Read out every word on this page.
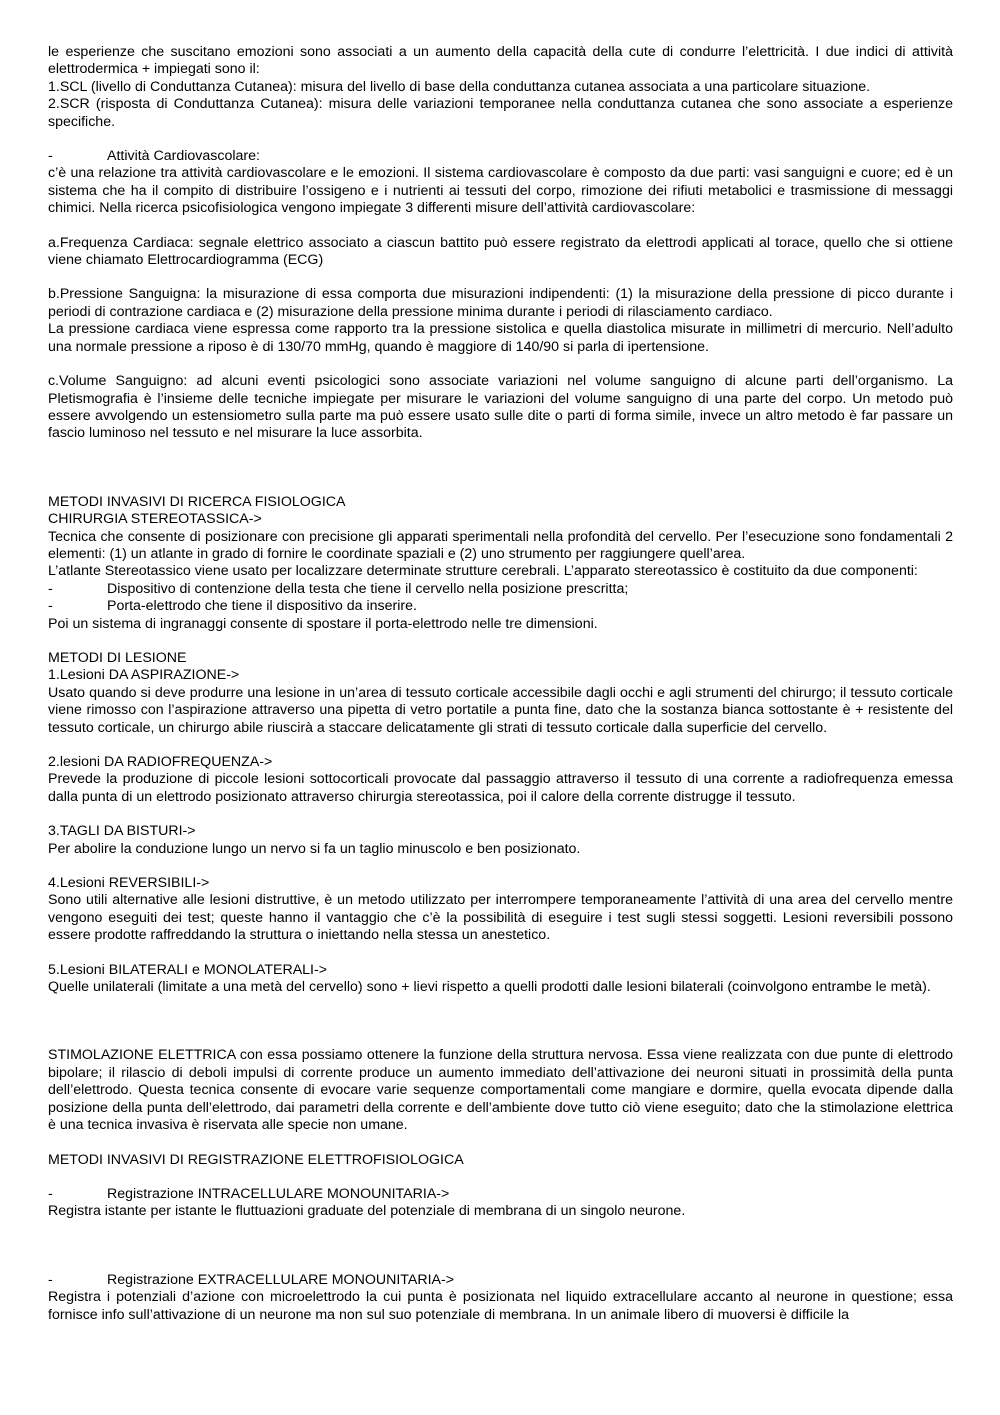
le esperienze che suscitano emozioni sono associati a un aumento della capacità della cute di condurre l’elettricità. I due indici di attività elettrodermica + impiegati sono il:

1.SCL (livello di Conduttanza Cutanea): misura del livello di base della conduttanza cutanea associata a una particolare situazione.

2.SCR (risposta di Conduttanza Cutanea): misura delle variazioni temporanee nella conduttanza cutanea che sono associate a esperienze specifiche.

-	Attività Cardiovascolare:

c’è una relazione tra attività cardiovascolare e le emozioni. Il sistema cardiovascolare è composto da due parti: vasi sanguigni e cuore; ed è un sistema che ha il compito di distribuire l’ossigeno e i nutrienti ai tessuti del corpo, rimozione dei rifiuti metabolici e trasmissione di messaggi chimici. Nella ricerca psicofisiologica vengono impiegate 3 differenti misure dell’attività cardiovascolare:

a.Frequenza Cardiaca: segnale elettrico associato a ciascun battito può essere registrato da elettrodi applicati al torace, quello che si ottiene viene chiamato Elettrocardiogramma (ECG)

b.Pressione Sanguigna: la misurazione di essa comporta due misurazioni indipendenti: (1) la misurazione della pressione di picco durante i periodi di contrazione cardiaca e (2) misurazione della pressione minima durante i periodi di rilasciamento cardiaco.

La pressione cardiaca viene espressa come rapporto tra la pressione sistolica e quella diastolica misurate in millimetri di mercurio. Nell’adulto una normale pressione a riposo è di 130/70 mmHg, quando è maggiore di 140/90 si parla di ipertensione.

c.Volume Sanguigno: ad alcuni eventi psicologici sono associate variazioni nel volume sanguigno di alcune parti dell’organismo. La Pletismografia è l’insieme delle tecniche impiegate per misurare le variazioni del volume sanguigno di una parte del corpo. Un metodo può essere avvolgendo un estensiometro sulla parte ma può essere usato sulle dite o parti di forma simile, invece un altro metodo è far passare un fascio luminoso nel tessuto e nel misurare la luce assorbita.

METODI INVASIVI DI RICERCA FISIOLOGICA

CHIRURGIA STEREOTASSICA->

Tecnica che consente di posizionare con precisione gli apparati sperimentali nella profondità del cervello. Per l’esecuzione sono fondamentali 2 elementi: (1) un atlante in grado di fornire le coordinate spaziali e (2) uno strumento per raggiungere quell’area.

L’atlante Stereotassico viene usato per localizzare determinate strutture cerebrali. L’apparato stereotassico è costituito da due componenti:

-	Dispositivo di contenzione della testa che tiene il cervello nella posizione prescritta;
-	Porta-elettrodo che tiene il dispositivo da inserire.

Poi un sistema di ingranaggi consente di spostare il porta-elettrodo nelle tre dimensioni.

METODI DI LESIONE

1.Lesioni DA ASPIRAZIONE->

Usato quando si deve produrre una lesione in un’area di tessuto corticale accessibile dagli occhi e agli strumenti del chirurgo; il tessuto corticale viene rimosso con l’aspirazione attraverso una pipetta di vetro portatile a punta fine, dato che la sostanza bianca sottostante è + resistente del tessuto corticale, un chirurgo abile riuscirà a staccare delicatamente gli strati di tessuto corticale dalla superficie del cervello.

2.lesioni DA RADIOFREQUENZA->

Prevede la produzione di piccole lesioni sottocorticali provocate dal passaggio attraverso il tessuto di una corrente a radiofrequenza emessa dalla punta di un elettrodo posizionato attraverso chirurgia stereotassica, poi il calore della corrente distrugge il tessuto.

3.TAGLI DA BISTURI->

Per abolire la conduzione lungo un nervo si fa un taglio minuscolo e ben posizionato.

4.Lesioni REVERSIBILI->

Sono utili alternative alle lesioni distruttive, è un metodo utilizzato per interrompere temporaneamente l’attività di una area del cervello mentre vengono eseguiti dei test; queste hanno il vantaggio che c’è la possibilità di eseguire i test sugli stessi soggetti. Lesioni reversibili possono essere prodotte raffreddando la struttura o iniettando nella stessa un anestetico.

5.Lesioni BILATERALI e MONOLATERALI->

Quelle unilaterali (limitate a una metà del cervello) sono + lievi rispetto a quelli prodotti dalle lesioni bilaterali (coinvolgono entrambe le metà).

STIMOLAZIONE ELETTRICA con essa possiamo ottenere la funzione della struttura nervosa. Essa viene realizzata con due punte di elettrodo bipolare; il rilascio di deboli impulsi di corrente produce un aumento immediato dell’attivazione dei neuroni situati in prossimità della punta dell’elettrodo. Questa tecnica consente di evocare varie sequenze comportamentali come mangiare e dormire, quella evocata dipende dalla posizione della punta dell’elettrodo, dai parametri della corrente e dell’ambiente dove tutto ciò viene eseguito; dato che la stimolazione elettrica è una tecnica invasiva è riservata alle specie non umane.

METODI INVASIVI DI REGISTRAZIONE ELETTROFISIOLOGICA

-	Registrazione INTRACELLULARE MONOUNITARIA->

Registra istante per istante le fluttuazioni graduate del potenziale di membrana di un singolo neurone.

-	Registrazione EXTRACELLULARE MONOUNITARIA->

Registra i potenziali d’azione con microelettrodo la cui punta è posizionata nel liquido extracellulare accanto al neurone in questione; essa fornisce info sull’attivazione di un neurone ma non sul suo potenziale di membrana. In un animale libero di muoversi è difficile la
